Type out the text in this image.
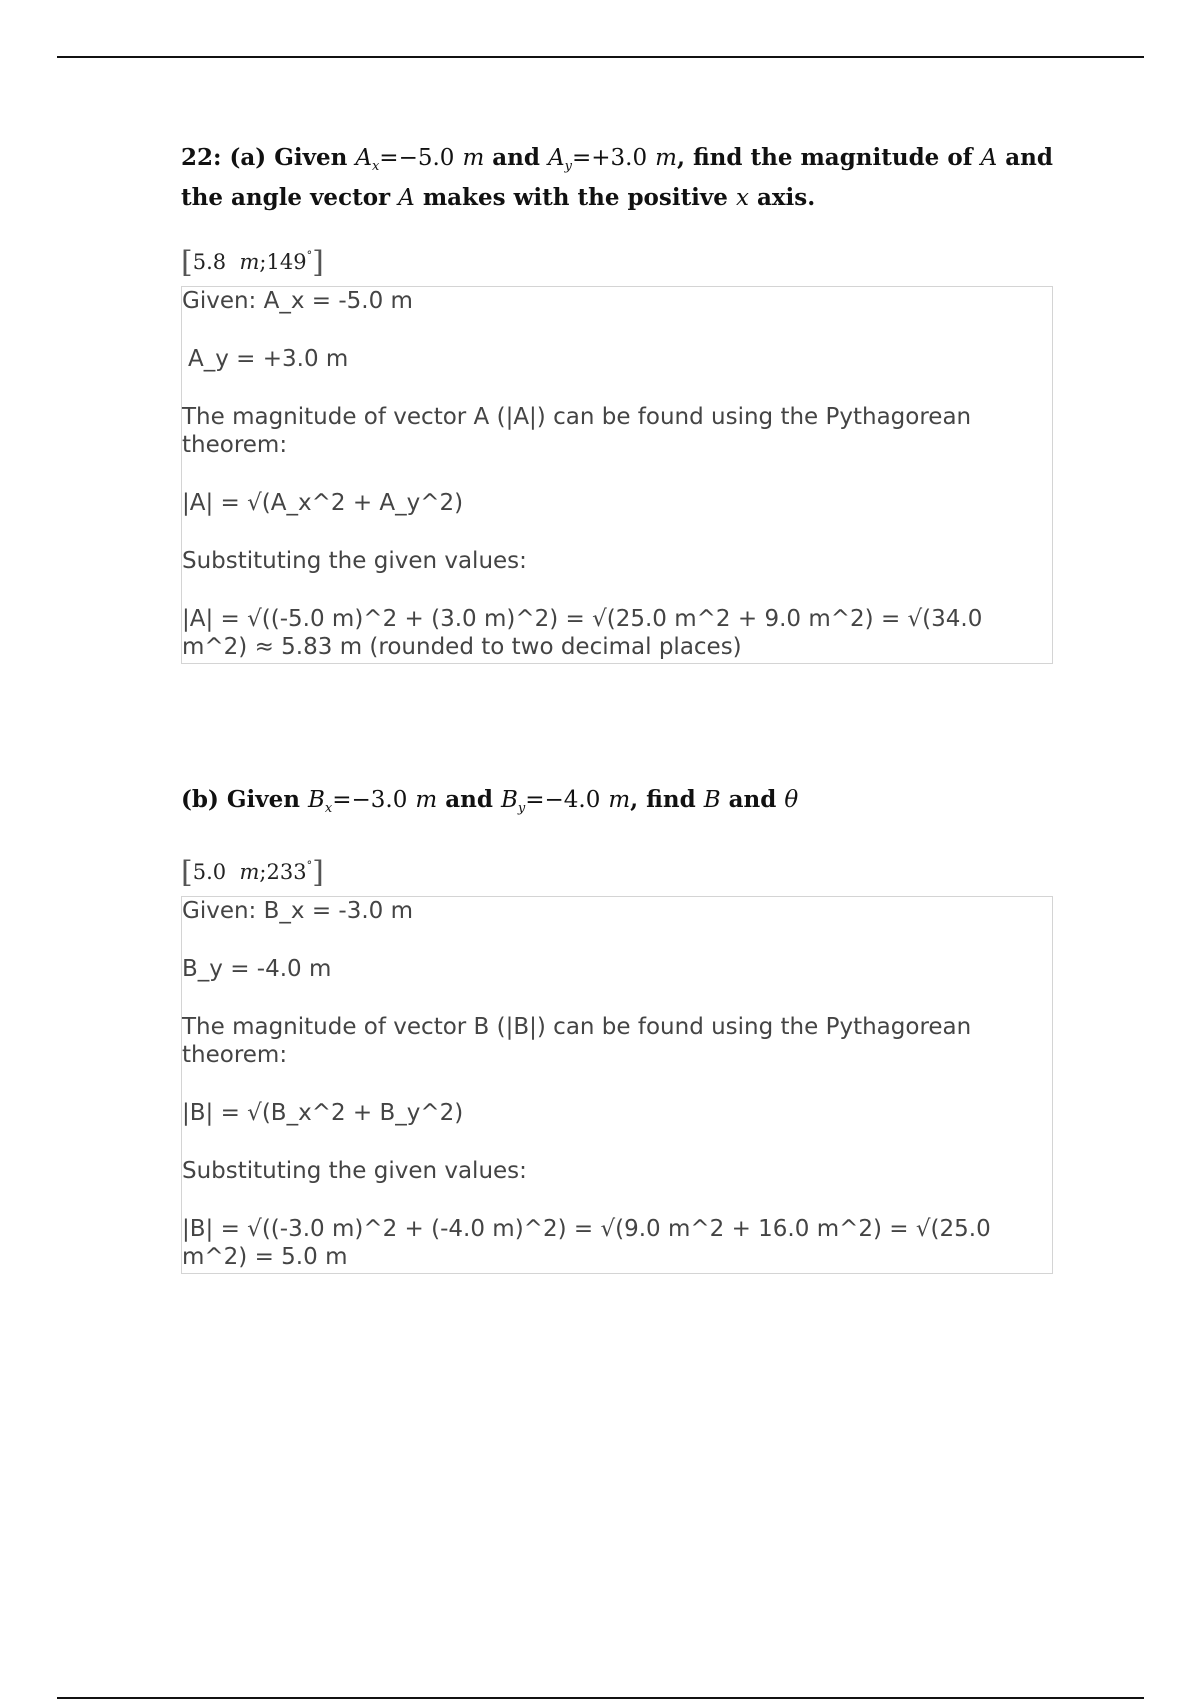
22: (a) Given $A_x=-5.0$ m and $A_y=+3.0$ m, find the magnitude of A and the angle vector A makes with the positive x axis.

[5.8 m;149°]

Given: A_x = -5.0 m

A_y = +3.0 m

The magnitude of vector A (|A|) can be found using the Pythagorean theorem:

|A| = √(A_x^2 + A_y^2)

Substituting the given values:

|A| = √((-5.0 m)^2 + (3.0 m)^2) = √(25.0 m^2 + 9.0 m^2) = √(34.0 m^2) ≈ 5.83 m (rounded to two decimal places)

(b) Given $B_x=-3.0$ m and $B_y=-4.0$ m, find B and θ

[5.0 m;233°]

Given: B_x = -3.0 m

B_y = -4.0 m

The magnitude of vector B (|B|) can be found using the Pythagorean theorem:

|B| = √(B_x^2 + B_y^2)

Substituting the given values:

|B| = √((-3.0 m)^2 + (-4.0 m)^2) = √(9.0 m^2 + 16.0 m^2) = √(25.0 m^2) = 5.0 m
